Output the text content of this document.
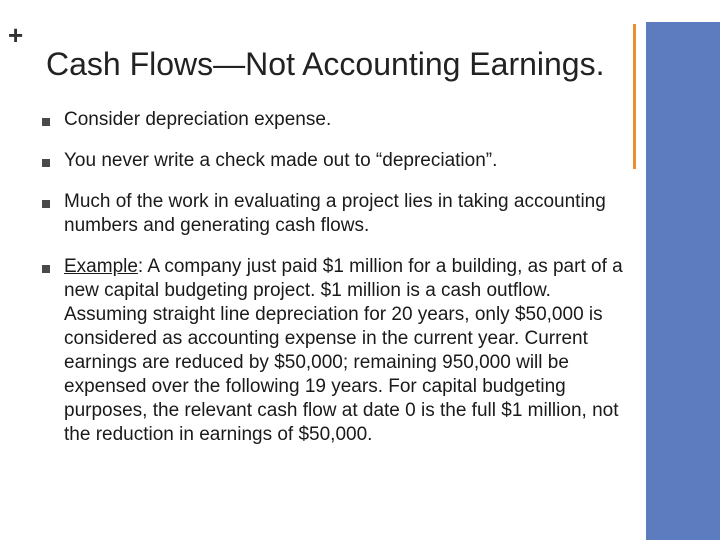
+
Cash Flows—Not Accounting Earnings.
Consider depreciation expense.
You never write a check made out to “depreciation”.
Much of the work in evaluating a project lies in taking accounting numbers and generating cash flows.
Example: A company just paid $1 million for a building, as part of a new capital budgeting project. $1 million is a cash outflow. Assuming straight line depreciation for 20 years, only $50,000 is considered as accounting expense in the current year. Current earnings are reduced by $50,000; remaining 950,000 will be expensed over the following 19 years. For capital budgeting purposes, the relevant cash flow at date 0 is the full $1 million, not the reduction in earnings of $50,000.
